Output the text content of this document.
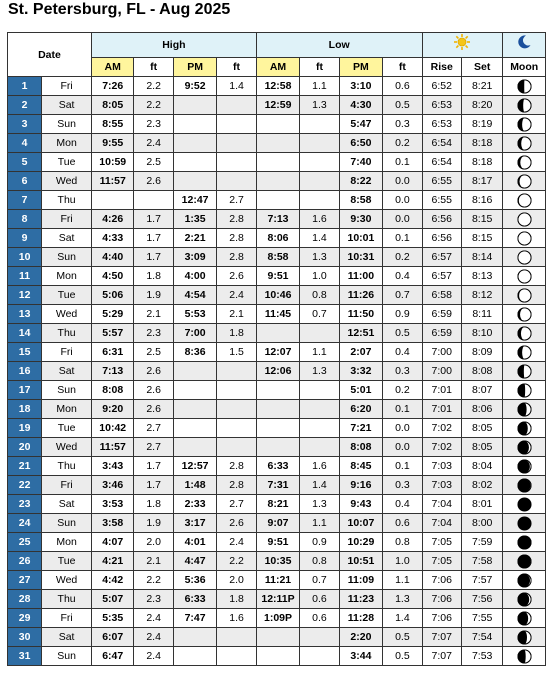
St. Petersburg, FL - Aug 2025
Date		High				Low		
		AM	ft	PM	ft	AM	ft	PM	ft	Rise	Set	Moon
1	Fri	7:26	2.2	9:52	1.4	12:58	1.1	3:10	0.6	6:52	8:21	

2	Sat	8:05	2.2			12:59	1.3	4:30	0.5	6:53	8:20	

3	Sun	8:55	2.3					5:47	0.3	6:53	8:19	

4	Mon	9:55	2.4					6:50	0.2	6:54	8:18	

5	Tue	10:59	2.5					7:40	0.1	6:54	8:18	

6	Wed	11:57	2.6					8:22	0.0	6:55	8:17	

7	Thu			12:47	2.7			8:58	0.0	6:55	8:16	

8	Fri	4:26	1.7	1:35	2.8	7:13	1.6	9:30	0.0	6:56	8:15	

9	Sat	4:33	1.7	2:21	2.8	8:06	1.4	10:01	0.1	6:56	8:15	

10	Sun	4:40	1.7	3:09	2.8	8:58	1.3	10:31	0.2	6:57	8:14	

11	Mon	4:50	1.8	4:00	2.6	9:51	1.0	11:00	0.4	6:57	8:13	

12	Tue	5:06	1.9	4:54	2.4	10:46	0.8	11:26	0.7	6:58	8:12	

13	Wed	5:29	2.1	5:53	2.1	11:45	0.7	11:50	0.9	6:59	8:11	

14	Thu	5:57	2.3	7:00	1.8			12:51	0.5	6:59	8:10	

15	Fri	6:31	2.5	8:36	1.5	12:07	1.1	2:07	0.4	7:00	8:09	

16	Sat	7:13	2.6			12:06	1.3	3:32	0.3	7:00	8:08	

17	Sun	8:08	2.6					5:01	0.2	7:01	8:07	

18	Mon	9:20	2.6					6:20	0.1	7:01	8:06	

19	Tue	10:42	2.7					7:21	0.0	7:02	8:05	

20	Wed	11:57	2.7					8:08	0.0	7:02	8:05	

21	Thu	3:43	1.7	12:57	2.8	6:33	1.6	8:45	0.1	7:03	8:04	

22	Fri	3:46	1.7	1:48	2.8	7:31	1.4	9:16	0.3	7:03	8:02	

23	Sat	3:53	1.8	2:33	2.7	8:21	1.3	9:43	0.4	7:04	8:01	

24	Sun	3:58	1.9	3:17	2.6	9:07	1.1	10:07	0.6	7:04	8:00	

25	Mon	4:07	2.0	4:01	2.4	9:51	0.9	10:29	0.8	7:05	7:59	

26	Tue	4:21	2.1	4:47	2.2	10:35	0.8	10:51	1.0	7:05	7:58	

27	Wed	4:42	2.2	5:36	2.0	11:21	0.7	11:09	1.1	7:06	7:57	

28	Thu	5:07	2.3	6:33	1.8	12:11P	0.6	11:23	1.3	7:06	7:56	

29	Fri	5:35	2.4	7:47	1.6	1:09P	0.6	11:28	1.4	7:06	7:55	

30	Sat	6:07	2.4					2:20	0.5	7:07	7:54	

31	Sun	6:47	2.4					3:44	0.5	7:07	7:53	
